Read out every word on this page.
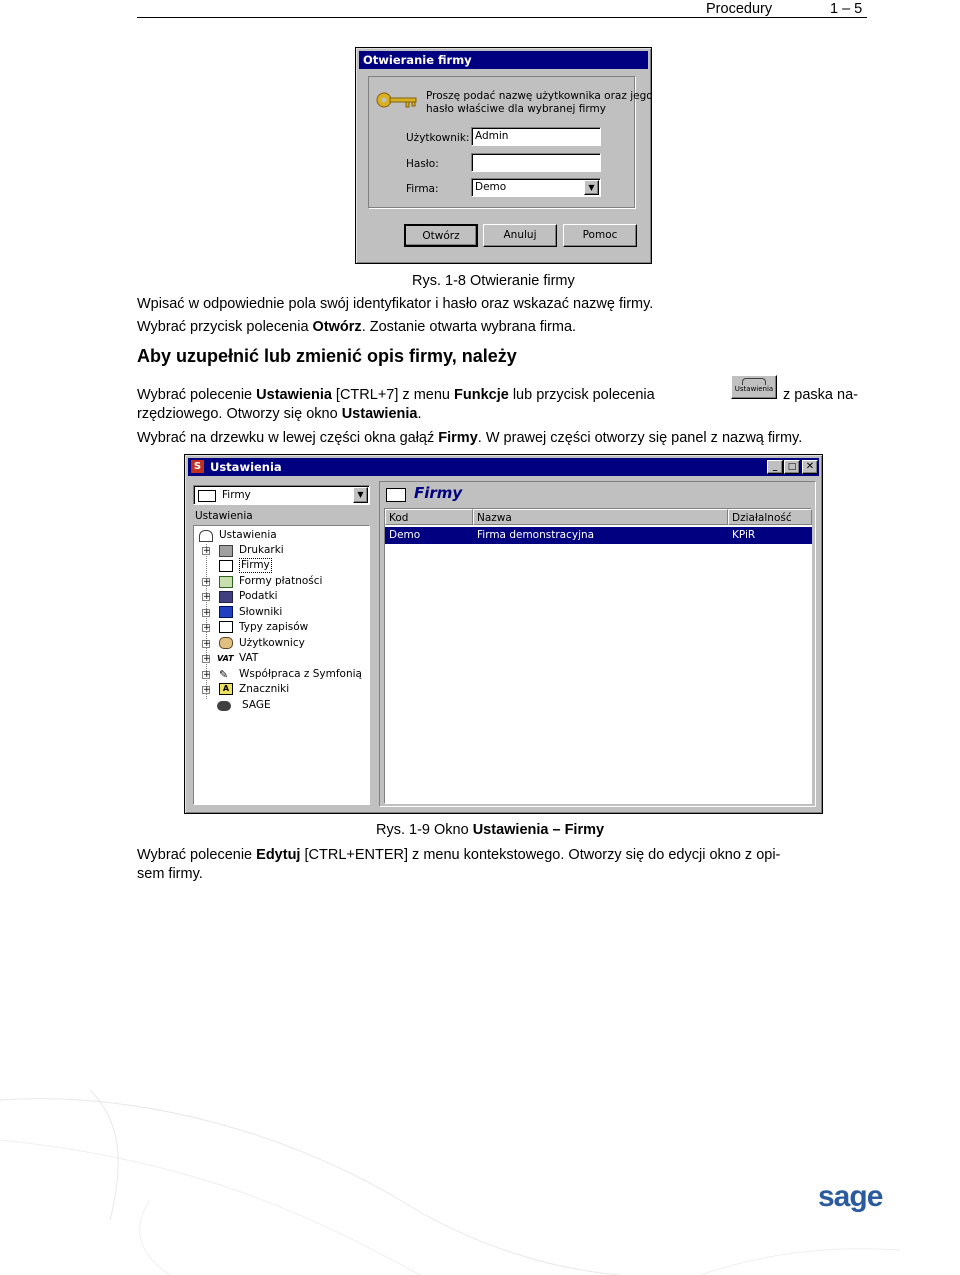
Procedury	1 – 5
Otwieranie firmy
Proszę podać nazwę użytkownika oraz jego
hasło właściwe dla wybranej firmy
Użytkownik: Admin
Hasło:
Firma:	Demo	▼
Otwórz	Anuluj	Pomoc
Rys. 1-8 Otwieranie firmy
Wpisać w odpowiednie pola swój identyfikator i hasło oraz wskazać nazwę firmy.
Wybrać przycisk polecenia Otwórz. Zostanie otwarta wybrana firma.
Aby uzupełnić lub zmienić opis firmy, należy
Wybrać polecenie Ustawienia [CTRL+7] z menu Funkcje lub przycisk polecenia	Ustawienia z paska na-
rzędziowego. Otworzy się okno Ustawienia.
Wybrać na drzewku w lewej części okna gałąź Firmy. W prawej części otworzy się panel z nazwą firmy.
S Ustawienia	_	□ ✕
Firmy	▼
Ustawienia
Ustawienia
+	Drukarki
Firmy
+	Formy płatności
+	Podatki
+	Słowniki
+	Typy zapisów
+	Użytkownicy
+ VAT VAT
+ ✎ Współpraca z Symfonią
+	A Znaczniki
SAGE
Firmy
Kod	Nazwa	Działalność
Demo	Firma demonstracyjna	KPiR
Rys. 1-9 Okno Ustawienia – Firmy
Wybrać polecenie Edytuj [CTRL+ENTER] z menu kontekstowego. Otworzy się do edycji okno z opi-
sem firmy.
sage
